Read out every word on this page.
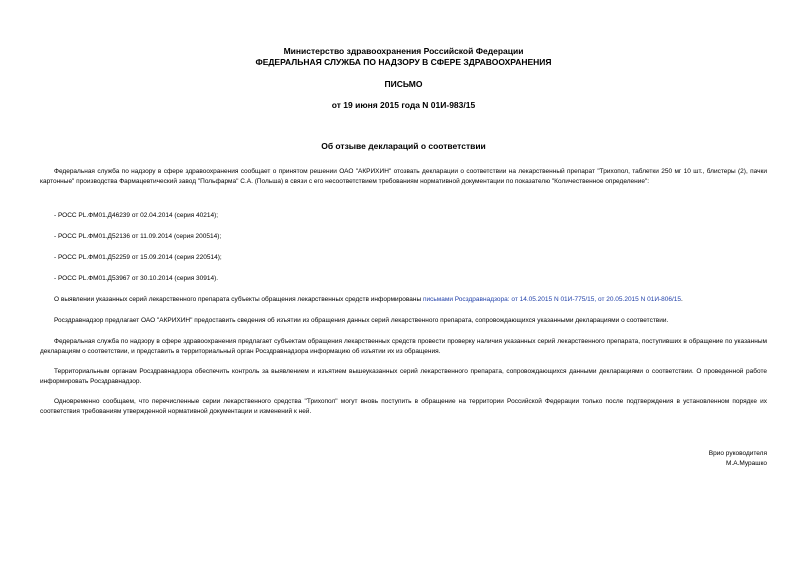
Министерство здравоохранения Российской Федерации
ФЕДЕРАЛЬНАЯ СЛУЖБА ПО НАДЗОРУ В СФЕРЕ ЗДРАВООХРАНЕНИЯ
ПИСЬМО
от 19 июня 2015 года N 01И-983/15
Об отзыве деклараций о соответствии
Федеральная служба по надзору в сфере здравоохранения сообщает о принятом решении ОАО "АКРИХИН" отозвать декларации о соответствии на лекарственный препарат "Трихопол, таблетки 250 мг 10 шт., блистеры (2), пачки картонные" производства Фармацевтический завод "Польфарма" С.А. (Польша) в связи с его несоответствием требованиям нормативной документации по показателю "Количественное определение":
- РОСС PL.ФМ01.Д46239 от 02.04.2014 (серия 40214);
- РОСС PL.ФМ01.Д52136 от 11.09.2014 (серия 200514);
- РОСС PL.ФМ01.Д52259 от 15.09.2014 (серия 220514);
- РОСС PL.ФМ01.Д53967 от 30.10.2014 (серия 30914).
О выявлении указанных серий лекарственного препарата субъекты обращения лекарственных средств информированы письмами Росздравнадзора: от 14.05.2015 N 01И-775/15, от 20.05.2015 N 01И-806/15.
Росздравнадзор предлагает ОАО "АКРИХИН" предоставить сведения об изъятии из обращения данных серий лекарственного препарата, сопровождающихся указанными декларациями о соответствии.
Федеральная служба по надзору в сфере здравоохранения предлагает субъектам обращения лекарственных средств провести проверку наличия указанных серий лекарственного препарата, поступивших в обращение по указанным декларациям о соответствии, и представить в территориальный орган Росздравнадзора информацию об изъятии их из обращения.
Территориальным органам Росздравнадзора обеспечить контроль за выявлением и изъятием вышеуказанных серий лекарственного препарата, сопровождающихся данными декларациями о соответствии. О проведенной работе информировать Росздравнадзор.
Одновременно сообщаем, что перечисленные серии лекарственного средства "Трихопол" могут вновь поступить в обращение на территории Российской Федерации только после подтверждения в установленном порядке их соответствия требованиям утвержденной нормативной документации и изменений к ней.
Врио руководителя
М.А.Мурашко
